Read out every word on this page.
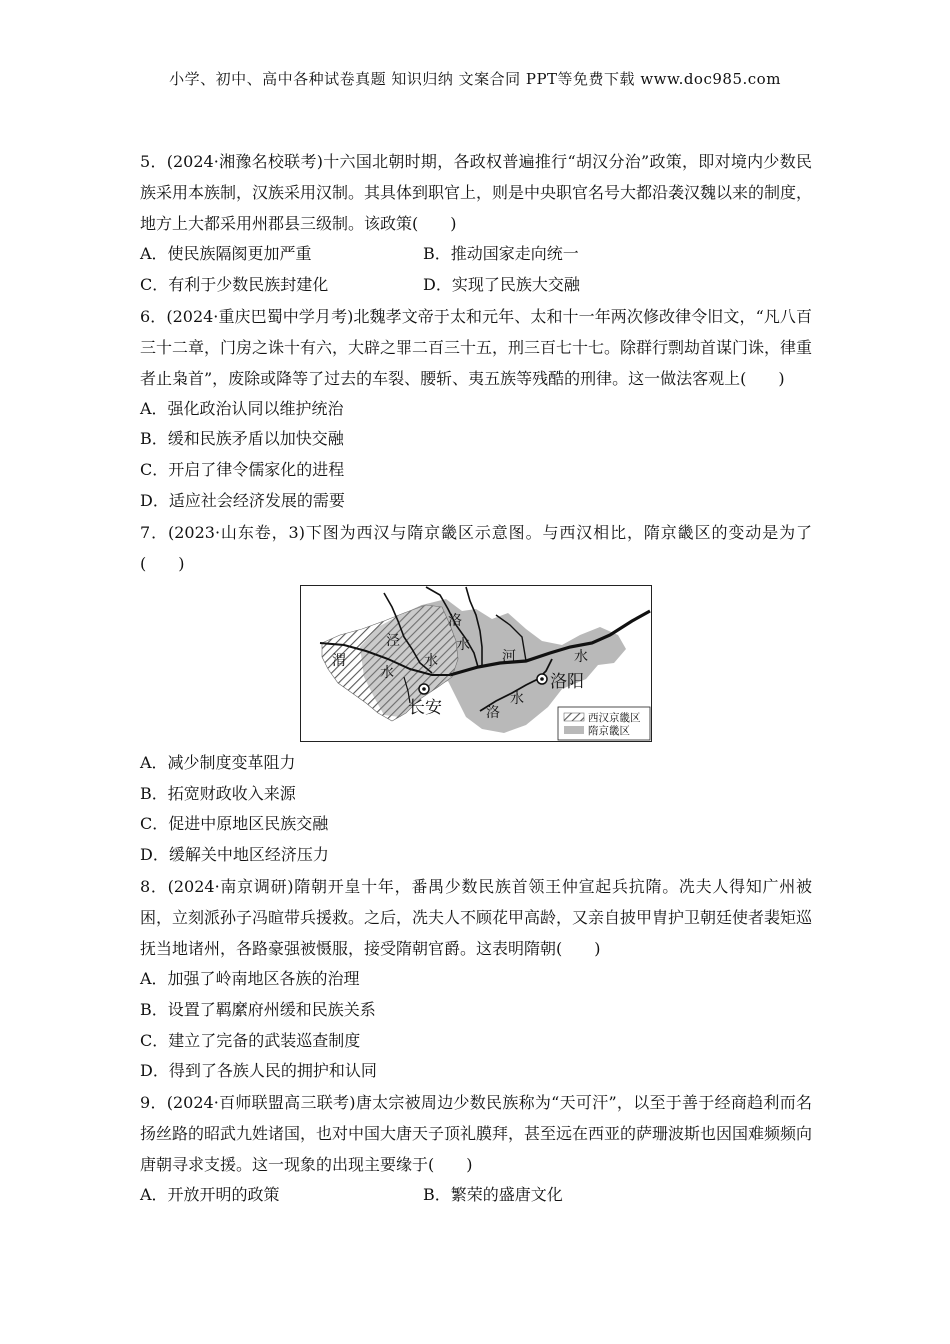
小学、初中、高中各种试卷真题 知识归纳 文案合同 PPT等免费下载 www.doc985.com

5．(2024·湘豫名校联考)十六国北朝时期，各政权普遍推行“胡汉分治”政策，即对境内少数民族采用本族制，汉族采用汉制。其具体到职官上，则是中央职官名号大都沿袭汉魏以来的制度，地方上大都采用州郡县三级制。该政策(　　)

A．使民族隔阂更加严重	B．推动国家走向统一
C．有利于少数民族封建化	D．实现了民族大交融

6．(2024·重庆巴蜀中学月考)北魏孝文帝于太和元年、太和十一年两次修改律令旧文，“凡八百三十二章，门房之诛十有六，大辟之罪二百三十五，刑三百七十七。除群行剽劫首谋门诛，律重者止枭首”，废除或降等了过去的车裂、腰斩、夷五族等残酷的刑律。这一做法客观上(　　)

A．强化政治认同以维护统治

B．缓和民族矛盾以加快交融

C．开启了律令儒家化的进程

D．适应社会经济发展的需要

7．(2023·山东卷，3)下图为西汉与隋京畿区示意图。与西汉相比，隋京畿区的变动是为了(　　)

渭
水
泾
水
洛
水
河	水
洛
水
长安
洛阳
西汉京畿区
隋京畿区

A．减少制度变革阻力

B．拓宽财政收入来源

C．促进中原地区民族交融

D．缓解关中地区经济压力

8．(2024·南京调研)隋朝开皇十年，番禺少数民族首领王仲宣起兵抗隋。冼夫人得知广州被困，立刻派孙子冯暄带兵援救。之后，冼夫人不顾花甲高龄，又亲自披甲胄护卫朝廷使者裴矩巡抚当地诸州，各路豪强被慑服，接受隋朝官爵。这表明隋朝(　　)

A．加强了岭南地区各族的治理

B．设置了羁縻府州缓和民族关系

C．建立了完备的武装巡查制度

D．得到了各族人民的拥护和认同

9．(2024·百师联盟高三联考)唐太宗被周边少数民族称为“天可汗”，以至于善于经商趋利而名扬丝路的昭武九姓诸国，也对中国大唐天子顶礼膜拜，甚至远在西亚的萨珊波斯也因国难频频向唐朝寻求支援。这一现象的出现主要缘于(　　)

A．开放开明的政策	B．繁荣的盛唐文化
